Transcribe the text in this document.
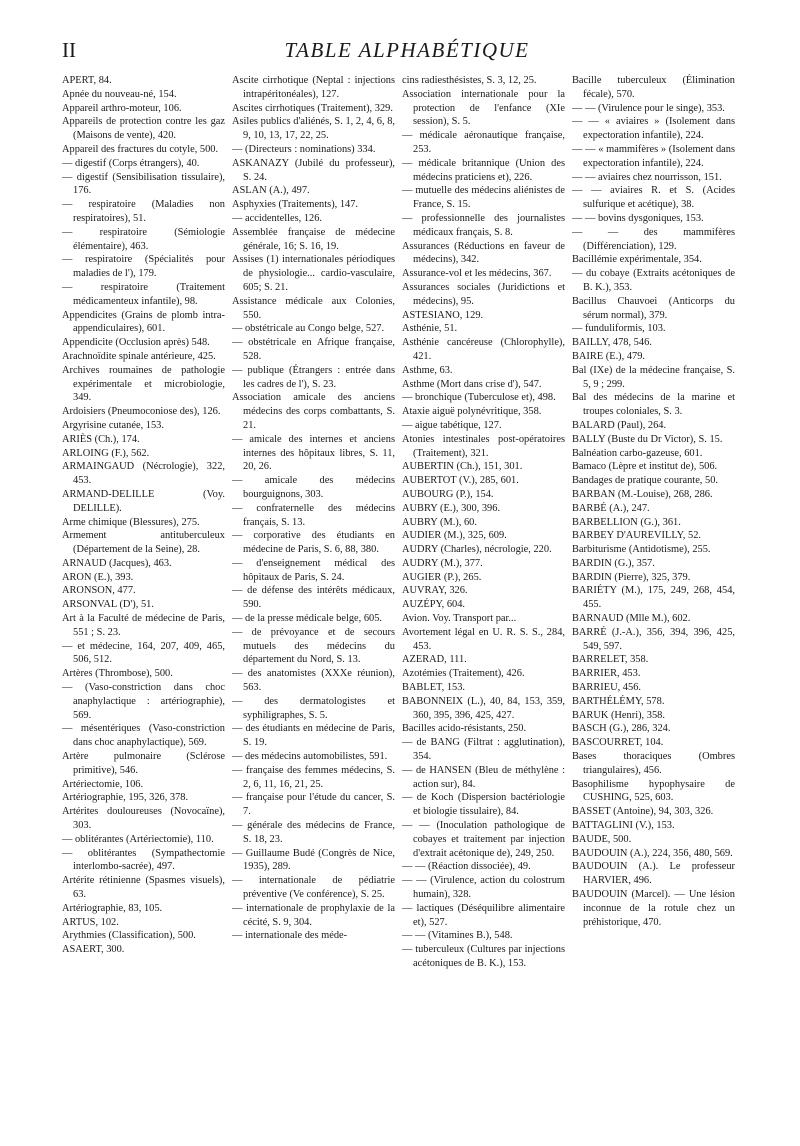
II	TABLE ALPHABÉTIQUE

APERT, 84.

Apnée du nouveau-né, 154.

Appareil arthro-moteur, 106.

Appareils de protection contre les gaz (Maisons de vente), 420.

Appareil des fractures du cotyle, 500.

— digestif (Corps étrangers), 40.

— digestif (Sensibilisation tissulaire), 176.

— respiratoire (Maladies non respiratoires), 51.

— respiratoire (Sémiologie élémentaire), 463.

— respiratoire (Spécialités pour maladies de l'), 179.

— respiratoire (Traitement médicamenteux infantile), 98.

Appendicites (Grains de plomb intra-appendiculaires), 601.

Appendicite (Occlusion après) 548.

Arachnoïdite spinale antérieure, 425.

Archives roumaines de pathologie expérimentale et microbiologie, 349.

Ardoisiers (Pneumoconiose des), 126.

Argyrisine cutanée, 153.

ARIÈS (Ch.), 174.

ARLOING (F.), 562.

ARMAINGAUD (Nécrologie), 322, 453.

ARMAND-DELILLE (Voy. DELILLE).

Arme chimique (Blessures), 275.

Armement antituberculeux (Département de la Seine), 28.

ARNAUD (Jacques), 463.

ARON (E.), 393.

ARONSON, 477.

ARSONVAL (D'), 51.

Art à la Faculté de médecine de Paris, 551 ; S. 23.

— et médecine, 164, 207, 409, 465, 506, 512.

Artères (Thrombose), 500.

— (Vaso-constriction dans choc anaphylactique : artériographie), 569.

— mésentériques (Vaso-constriction dans choc anaphylactique), 569.

Artère pulmonaire (Sclérose primitive), 546.

Artériectomie, 106.

Artériographie, 195, 326, 378.

Artérites douloureuses (Novocaïne), 303.

— oblitérantes (Artériectomie), 110.

— oblitérantes (Sympathectomie interlombo-sacrée), 497.

Artérite rétinienne (Spasmes visuels), 63.

Artériographie, 83, 105.

ARTUS, 102.

Arythmies (Classification), 500.

ASAERT, 300.

Ascite cirrhotique (Neptal : injections intrapéritonéales), 127.

Ascites cirrhotiques (Traitement), 329.

Asiles publics d'aliénés, S. 1, 2, 4, 6, 8, 9, 10, 13, 17, 22, 25.

— (Directeurs : nominations) 334.

ASKANAZY (Jubilé du professeur), S. 24.

ASLAN (A.), 497.

Asphyxies (Traitements), 147.

— accidentelles, 126.

Assemblée française de médecine générale, 16; S. 16, 19.

Assises (1) internationales périodiques de physiologie... cardio-vasculaire, 605; S. 21.

Assistance médicale aux Colonies, 550.

— obstétricale au Congo belge, 527.

— obstétricale en Afrique française, 528.

— publique (Étrangers : entrée dans les cadres de l'), S. 23.

Association amicale des anciens médecins des corps combattants, S. 21.

— amicale des internes et anciens internes des hôpitaux libres, S. 11, 20, 26.

— amicale des médecins bourguignons, 303.

— confraternelle des médecins français, S. 13.

— corporative des étudiants en médecine de Paris, S. 6, 88, 380.

— d'enseignement médical des hôpitaux de Paris, S. 24.

— de défense des intérêts médicaux, 590.

— de la presse médicale belge, 605.

— de prévoyance et de secours mutuels des médecins du département du Nord, S. 13.

— des anatomistes (XXXe réunion), 563.

— des dermatologistes et syphiligraphes, S. 5.

— des étudiants en médecine de Paris, S. 19.

— des médecins automobilistes, 591.

— française des femmes médecins, S. 2, 6, 11, 16, 21, 25.

— française pour l'étude du cancer, S. 7.

— générale des médecins de France, S. 18, 23.

— Guillaume Budé (Congrès de Nice, 1935), 289.

— internationale de pédiatrie préventive (Ve conférence), S. 25.

— internationale de prophylaxie de la cécité, S. 9, 304.

— internationale des méde-

cins radiesthésistes, S. 3, 12, 25.

Association internationale pour la protection de l'enfance (XIe session), S. 5.

— médicale aéronautique française, 253.

— médicale britannique (Union des médecins praticiens et), 226.

— mutuelle des médecins aliénistes de France, S. 15.

— professionnelle des journalistes médicaux français, S. 8.

Assurances (Réductions en faveur de médecins), 342.

Assurance-vol et les médecins, 367.

Assurances sociales (Juridictions et médecins), 95.

ASTESIANO, 129.

Asthénie, 51.

Asthénie cancéreuse (Chlorophylle), 421.

Asthme, 63.

Asthme (Mort dans crise d'), 547.

— bronchique (Tuberculose et), 498.

Ataxie aiguë polynévritique, 358.

— aigue tabétique, 127.

Atonies intestinales post-opératoires (Traitement), 321.

AUBERTIN (Ch.), 151, 301.

AUBERTOT (V.), 285, 601.

AUBOURG (P.), 154.

AUBRY (E.), 300, 396.

AUBRY (M.), 60.

AUDIER (M.), 325, 609.

AUDRY (Charles), nécrologie, 220.

AUDRY (M.), 377.

AUGIER (P.), 265.

AUVRAY, 326.

AUZÉPY, 604.

Avion. Voy. Transport par...

Avortement légal en U. R. S. S., 284, 453.

AZERAD, 111.

Azotémies (Traitement), 426.

BABLET, 153.

BABONNEIX (L.), 40, 84, 153, 359, 360, 395, 396, 425, 427.

Bacilles acido-résistants, 250.

— de BANG (Filtrat : agglutination), 354.

— de HANSEN (Bleu de méthylène : action sur), 84.

— de Koch (Dispersion bactériologie et biologie tissulaire), 84.

— — (Inoculation pathologique de cobayes et traitement par injection d'extrait acétonique de), 249, 250.

— — (Réaction dissociée), 49.

— — (Virulence, action du colostrum humain), 328.

— lactiques (Déséquilibre alimentaire et), 527.

— — (Vitamines B.), 548.

— tuberculeux (Cultures par injections acétoniques de B. K.), 153.

Bacille tuberculeux (Élimination fécale), 570.

— — (Virulence pour le singe), 353.

— — « aviaires » (Isolement dans expectoration infantile), 224.

— — « mammifères » (Isolement dans expectoration infantile), 224.

— — aviaires chez nourrisson, 151.

— — aviaires R. et S. (Acides sulfurique et acétique), 38.

— — bovins dysgoniques, 153.

— — des mammifères (Différenciation), 129.

Bacillémie expérimentale, 354.

— du cobaye (Extraits acétoniques de B. K.), 353.

Bacillus Chauvoei (Anticorps du sérum normal), 379.

— funduliformis, 103.

BAILLY, 478, 546.

BAIRE (E.), 479.

Bal (IXe) de la médecine française, S. 5, 9 ; 299.

Bal des médecins de la marine et troupes coloniales, S. 3.

BALARD (Paul), 264.

BALLY (Buste du Dr Victor), S. 15.

Balnéation carbo-gazeuse, 601.

Bamaco (Lèpre et institut de), 506.

Bandages de pratique courante, 50.

BARBAN (M.-Louise), 268, 286.

BARBÉ (A.), 247.

BARBELLION (G.), 361.

BARBEY D'AUREVILLY, 52.

Barbiturisme (Antidotisme), 255.

BARDIN (G.), 357.

BARDIN (Pierre), 325, 379.

BARIÉTY (M.), 175, 249, 268, 454, 455.

BARNAUD (Mlle M.), 602.

BARRÉ (J.-A.), 356, 394, 396, 425, 549, 597.

BARRELET, 358.

BARRIER, 453.

BARRIEU, 456.

BARTHÉLÉMY, 578.

BARUK (Henri), 358.

BASCH (G.), 286, 324.

BASCOURRET, 104.

Bases thoraciques (Ombres triangulaires), 456.

Basophilisme hypophysaire de CUSHING, 525, 603.

BASSET (Antoine), 94, 303, 326.

BATTAGLINI (V.), 153.

BAUDE, 500.

BAUDOUIN (A.), 224, 356, 480, 569.

BAUDOUIN (A.). Le professeur HARVIER, 496.

BAUDOUIN (Marcel). — Une lésion inconnue de la rotule chez un préhistorique, 470.
